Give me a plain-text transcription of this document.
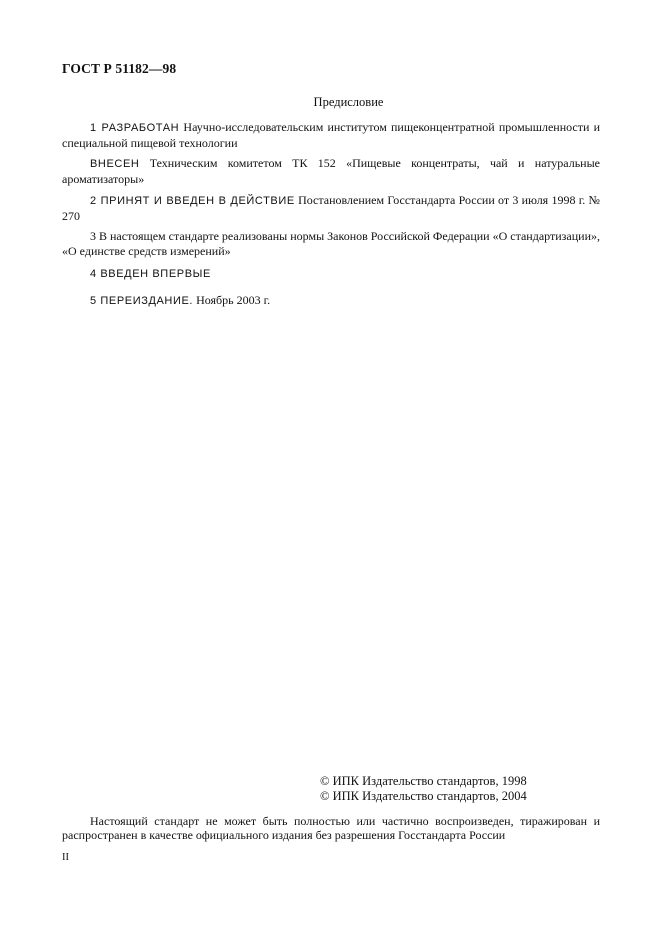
ГОСТ Р 51182—98
Предисловие
1 РАЗРАБОТАН Научно-исследовательским институтом пищеконцентратной промышленности и специальной пищевой технологии
ВНЕСЕН Техническим комитетом ТК 152 «Пищевые концентраты, чай и натуральные ароматизаторы»
2 ПРИНЯТ И ВВЕДЕН В ДЕЙСТВИЕ Постановлением Госстандарта России от 3 июля 1998 г. № 270
3 В настоящем стандарте реализованы нормы Законов Российской Федерации «О стандартизации», «О единстве средств измерений»
4 ВВЕДЕН ВПЕРВЫЕ
5 ПЕРЕИЗДАНИЕ. Ноябрь 2003 г.
© ИПК Издательство стандартов, 1998
© ИПК Издательство стандартов, 2004
Настоящий стандарт не может быть полностью или частично воспроизведен, тиражирован и распространен в качестве официального издания без разрешения Госстандарта России
II
